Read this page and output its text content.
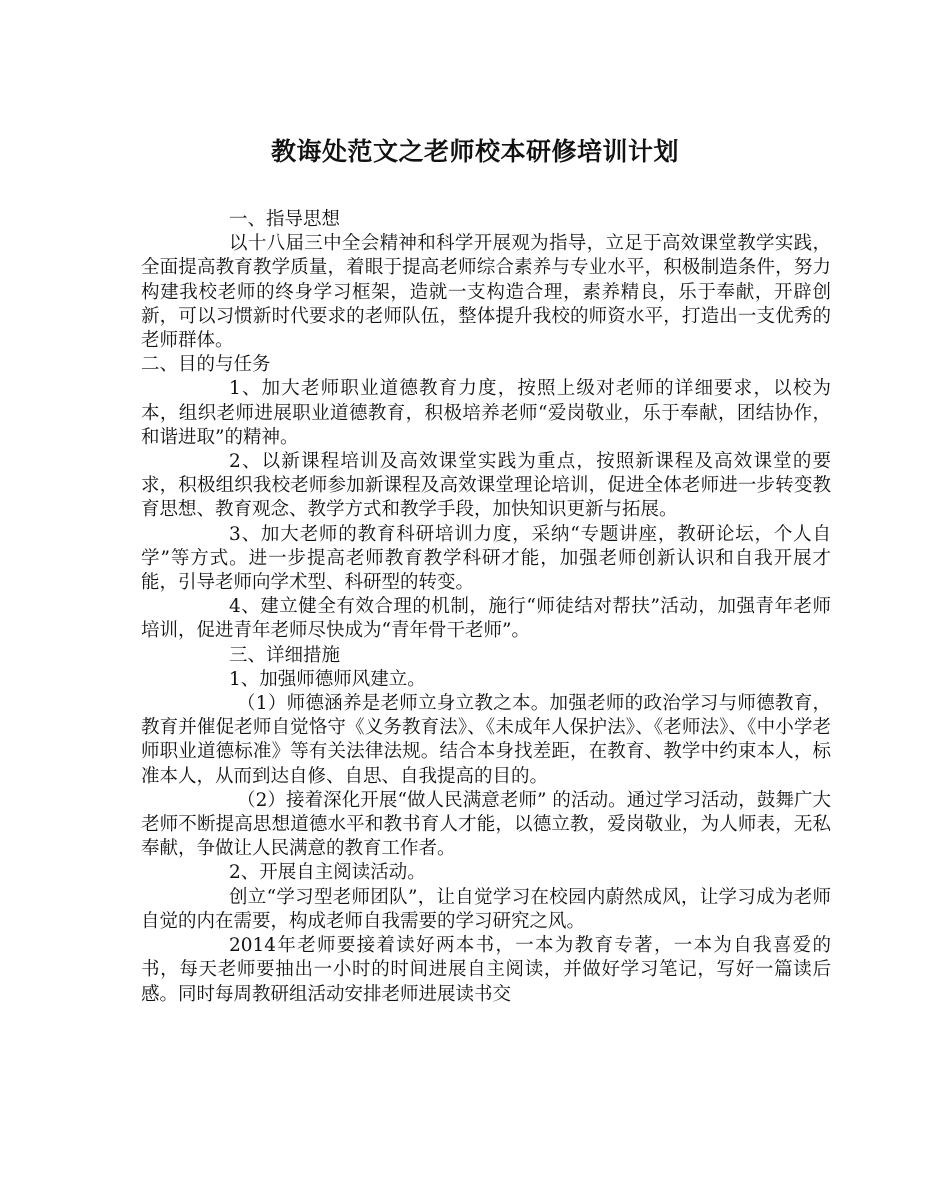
教诲处范文之老师校本研修培训计划

一、指导思想

以十八届三中全会精神和科学开展观为指导，立足于高效课堂教学实践，全面提高教育教学质量，着眼于提高老师综合素养与专业水平，积极制造条件，努力构建我校老师的终身学习框架，造就一支构造合理，素养精良，乐于奉献，开辟创新，可以习惯新时代要求的老师队伍，整体提升我校的师资水平，打造出一支优秀的老师群体。

二、目的与任务

1、加大老师职业道德教育力度，按照上级对老师的详细要求，以校为本，组织老师进展职业道德教育，积极培养老师“爱岗敬业，乐于奉献，团结协作，和谐进取”的精神。

2、以新课程培训及高效课堂实践为重点，按照新课程及高效课堂的要求，积极组织我校老师参加新课程及高效课堂理论培训，促进全体老师进一步转变教育思想、教育观念、教学方式和教学手段，加快知识更新与拓展。

3、加大老师的教育科研培训力度，采纳“专题讲座，教研论坛，个人自学”等方式。进一步提高老师教育教学科研才能，加强老师创新认识和自我开展才能，引导老师向学术型、科研型的转变。

4、建立健全有效合理的机制，施行“师徒结对帮扶”活动，加强青年老师培训，促进青年老师尽快成为“青年骨干老师”。

三、详细措施

1、加强师德师风建立。

（1）师德涵养是老师立身立教之本。加强老师的政治学习与师德教育，教育并催促老师自觉恪守《义务教育法》、《未成年人保护法》、《老师法》、《中小学老师职业道德标准》等有关法律法规。结合本身找差距，在教育、教学中约束本人，标准本人，从而到达自修、自思、自我提高的目的。

（2）接着深化开展“做人民满意老师” 的活动。通过学习活动，鼓舞广大老师不断提高思想道德水平和教书育人才能，以德立教，爱岗敬业，为人师表，无私奉献，争做让人民满意的教育工作者。

2、开展自主阅读活动。

创立“学习型老师团队”，让自觉学习在校园内蔚然成风，让学习成为老师自觉的内在需要，构成老师自我需要的学习研究之风。

2014年老师要接着读好两本书，一本为教育专著，一本为自我喜爱的书，每天老师要抽出一小时的时间进展自主阅读，并做好学习笔记，写好一篇读后感。同时每周教研组活动安排老师进展读书交
